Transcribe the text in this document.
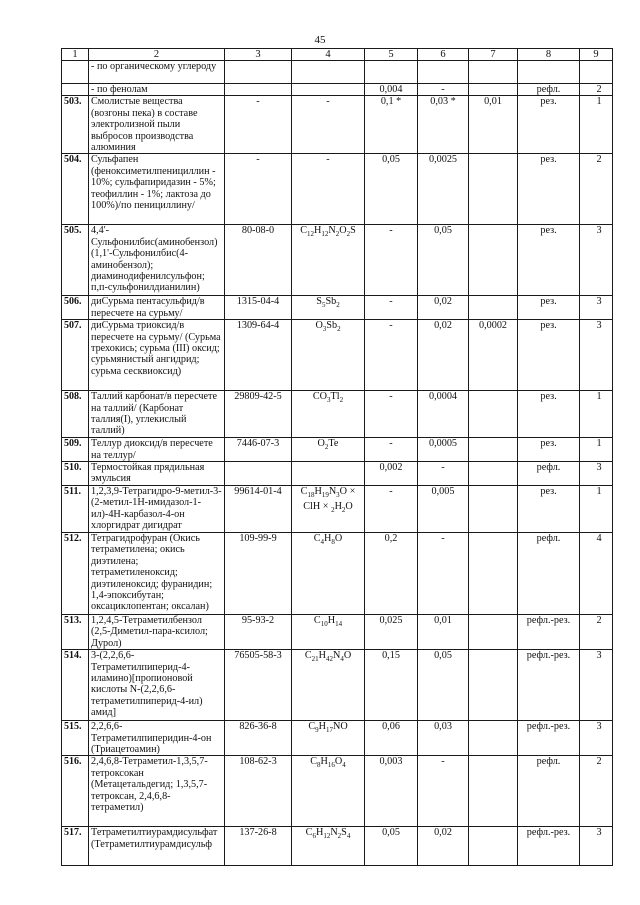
45
1	2	3	4	5	6	7	8	9
	- по органическому углероду							
	- по фенолам			0,004	-		рефл.	2
503.	Смолистые вещества (возгоны пека) в составе электролизной пыли выбросов производства алюминия	-	-	0,1 *	0,03 *	0,01	рез.	1
504.	Сульфапен (феноксиметилпенициллин - 10%; сульфапиридазин - 5%; теофиллин - 1%; лактоза до 100%)/по пенициллину/	-	-	0,05	0,0025		рез.	2
505.	4,4'-Сульфонилбис(аминобензол) (1,1'-Сульфонилбис(4-аминобензол); диаминодифенилсульфон; п,п-сульфонилдианилин)	80-08-0	$C_{12}H_{12}N_2O_2S$	-	0,05		рез.	3
506.	диСурьма пентасульфид/в пересчете на сурьму/	1315-04-4	$S_5Sb_2$	-	0,02		рез.	3
507.	диСурьма триоксид/в пересчете на сурьму/ (Сурьма трехокись; сурьма (III) оксид; сурьмянистый ангидрид; сурьма сесквиоксид)	1309-64-4	$O_3Sb_2$	-	0,02	0,0002	рез.	3
508.	Таллий карбонат/в пересчете на таллий/ (Карбонат таллия(I), углекислый таллий)	29809-42-5	$CO_3Tl_2$	-	0,0004		рез.	1
509.	Теллур диоксид/в пересчете на теллур/	7446-07-3	$O_2Te$	-	0,0005		рез.	1
510.	Термостойкая прядильная эмульсия			0,002	-		рефл.	3
511.	1,2,3,9-Тетрагидро-9-метил-3-(2-метил-1Н-имидазол-1-ил)-4Н-карбазол-4-он хлоргидрат дигидрат	99614-01-4	$C_{18}H_{19}N_3O$ × ClH × $_2H_2O$	-	0,005		рез.	1
512.	Тетрагидрофуран (Окись тетраметилена; окись диэтилена; тетраметиленоксид; диэтиленоксид; фуранидин; 1,4-эпоксибутан; оксациклопентан; оксалан)	109-99-9	$C_4H_8O$	0,2	-		рефл.	4
513.	1,2,4,5-Тетраметилбензол (2,5-Диметил-пара-ксилол; Дурол)	95-93-2	$C_{10}H_{14}$	0,025	0,01		рефл.-рез.	2
514.	3-(2,2,6,6-Тетраметилпиперид-4-иламино)[пропионовой кислоты N-(2,2,6,6-тетраметилпиперид-4-ил) амид]	76505-58-3	$C_{21}H_{42}N_4O$	0,15	0,05		рефл.-рез.	3
515.	2,2,6,6-Тетраметилпиперидин-4-он (Триацетоамин)	826-36-8	$C_9H_{17}NO$	0,06	0,03		рефл.-рез.	3
516.	2,4,6,8-Тетраметил-1,3,5,7-тетроксокан (Метацетальдегид; 1,3,5,7-тетроксан, 2,4,6,8-тетраметил)	108-62-3	$C_8H_{16}O_4$	0,003	-		рефл.	2
517.	Тетраметилтиурамдисульфат (Тетраметилтиурамдисульф	137-26-8	$C_6H_{12}N_2S_4$	0,05	0,02		рефл.-рез.	3
